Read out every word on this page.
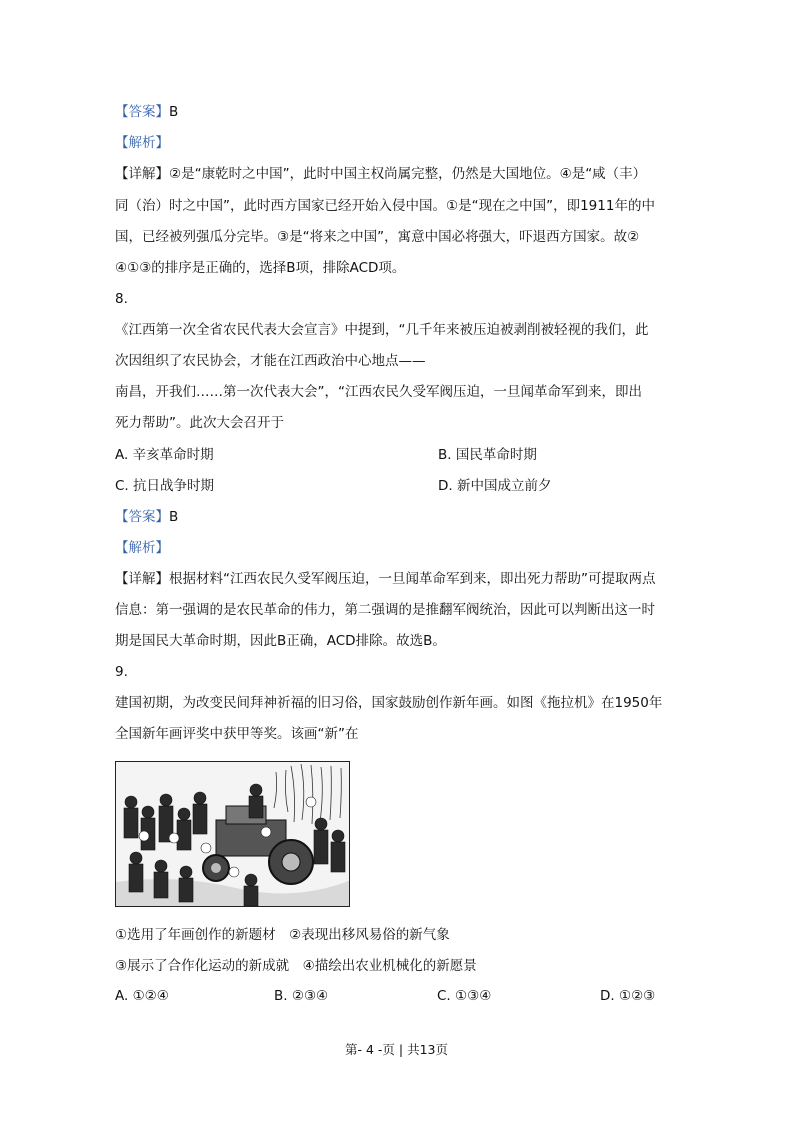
【答案】B
【解析】
【详解】②是“康乾时之中国”，此时中国主权尚属完整，仍然是大国地位。④是“咸（丰）
同（治）时之中国”，此时西方国家已经开始入侵中国。①是“现在之中国”，即1911年的中
国，已经被列强瓜分完毕。③是“将来之中国”，寓意中国必将强大，吓退西方国家。故②
④①③的排序是正确的，选择B项，排除ACD项。
8.
《江西第一次全省农民代表大会宣言》中提到，“几千年来被压迫被剥削被轻视的我们，此
次因组织了农民协会，才能在江西政治中心地点——
南昌，开我们……第一次代表大会”，“江西农民久受军阀压迫，一旦闻革命军到来，即出
死力帮助”。此次大会召开于
A. 辛亥革命时期	B. 国民革命时期
C. 抗日战争时期	D. 新中国成立前夕
【答案】B
【解析】
【详解】根据材料“江西农民久受军阀压迫，一旦闻革命军到来，即出死力帮助”可提取两点
信息：第一强调的是农民革命的伟力，第二强调的是推翻军阀统治，因此可以判断出这一时
期是国民大革命时期，因此B正确，ACD排除。故选B。
9.
建国初期，为改变民间拜神祈福的旧习俗，国家鼓励创作新年画。如图《拖拉机》在1950年
全国新年画评奖中获甲等奖。该画“新”在
①选用了年画创作的新题材　②表现出移风易俗的新气象
③展示了合作化运动的新成就　④描绘出农业机械化的新愿景
A. ①②④	B. ②③④	C. ①③④	D. ①②③
第- 4 -页 | 共13页
